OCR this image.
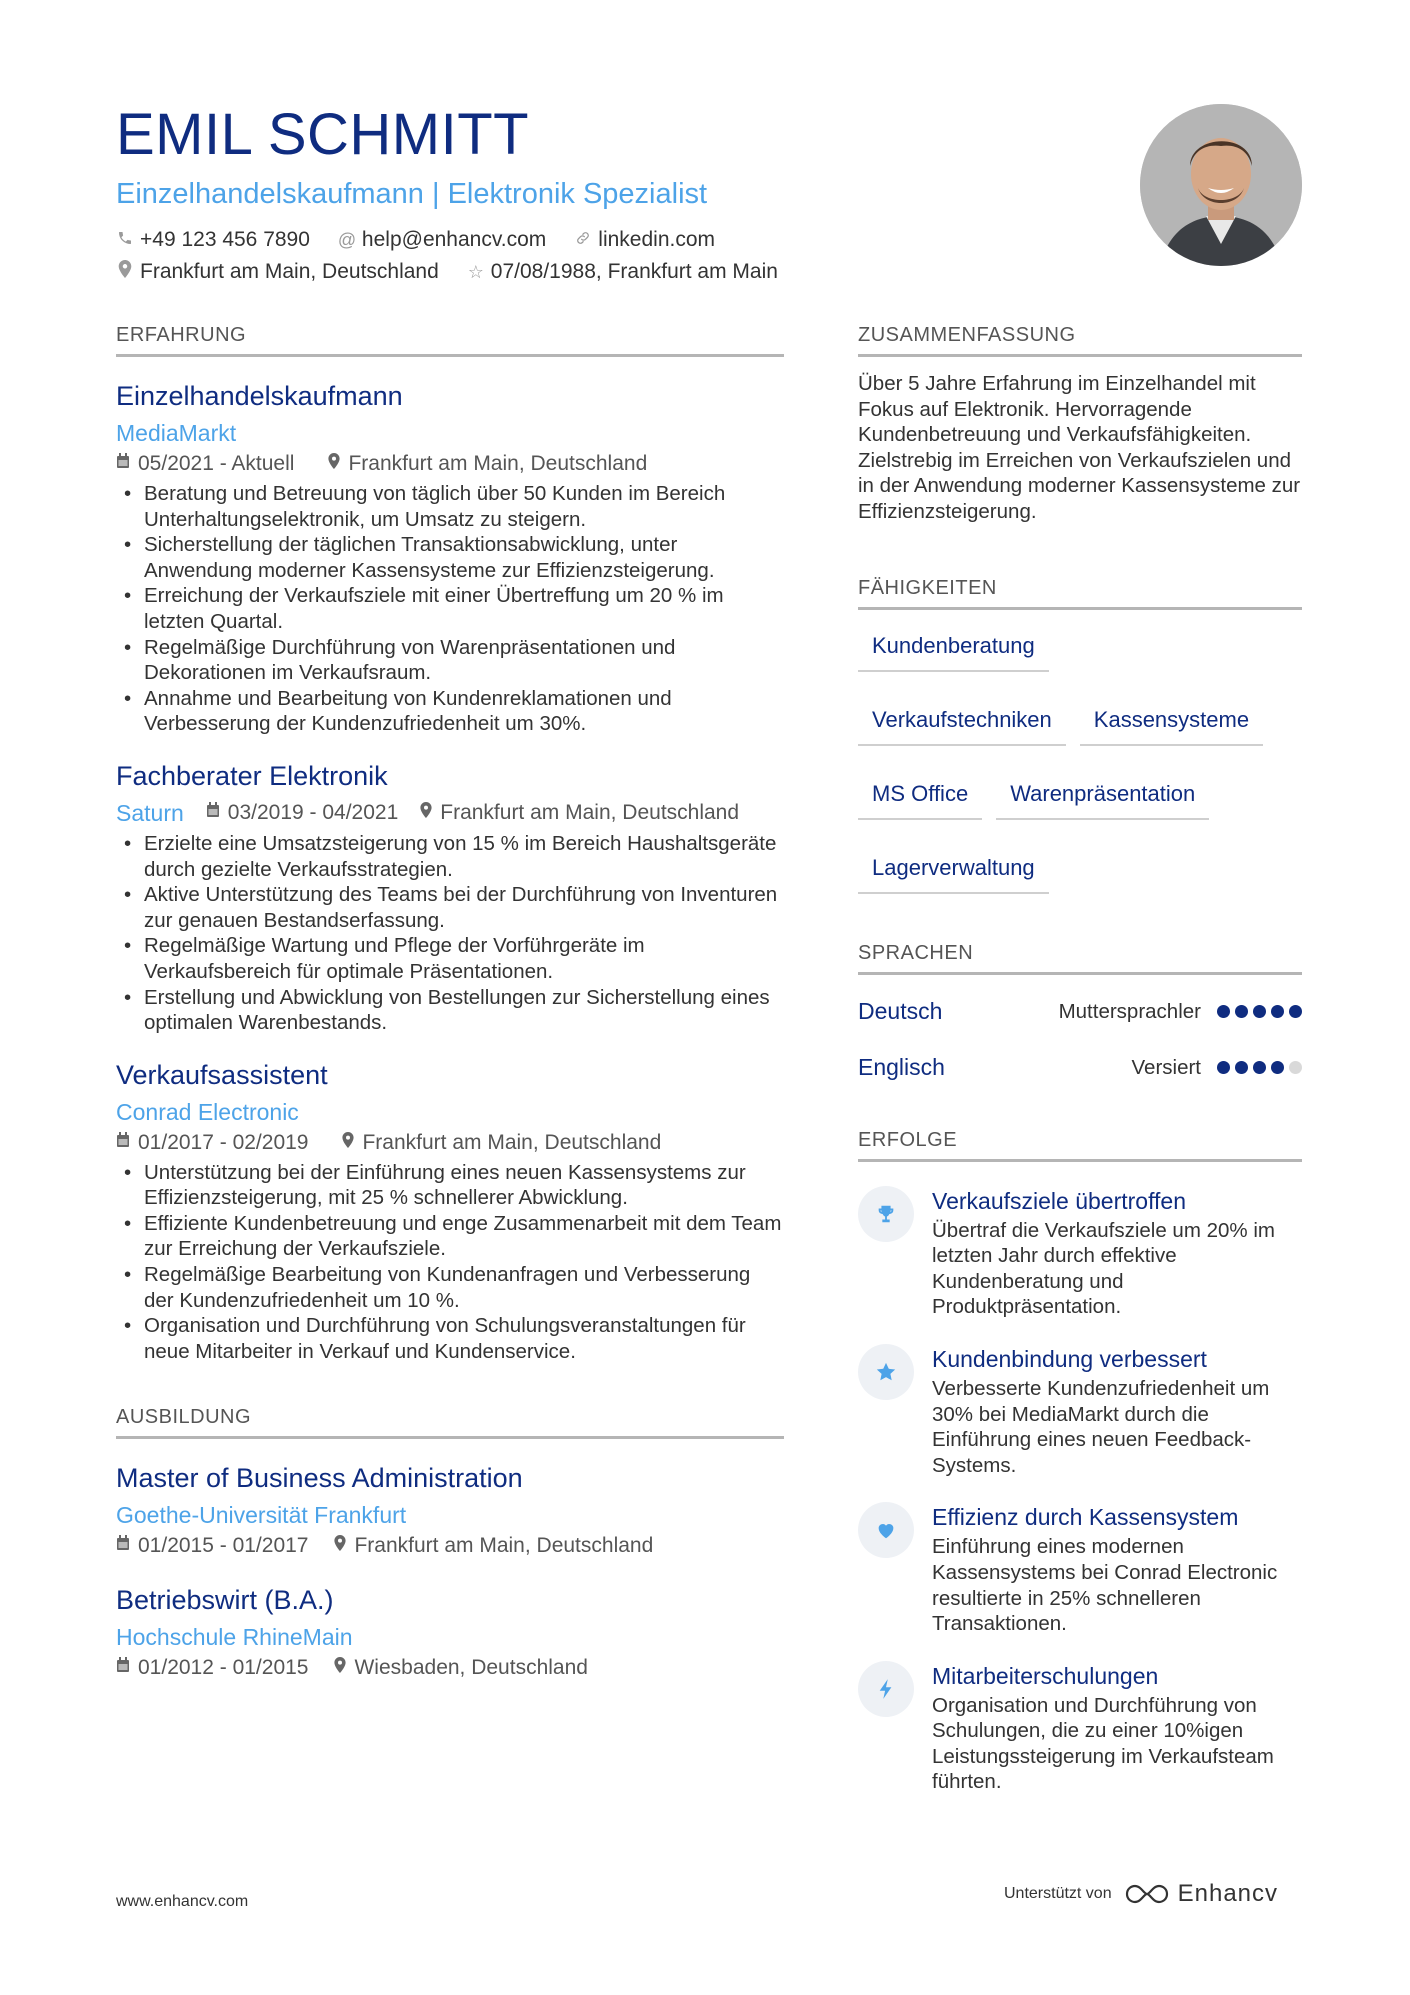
EMIL SCHMITT
Einzelhandelskaufmann | Elektronik Spezialist
+49 123 456 7890 @ help@enhancv.com linkedin.com
Frankfurt am Main, Deutschland ☆ 07/08/1988, Frankfurt am Main
ERFAHRUNG
Einzelhandelskaufmann
MediaMarkt
05/2021 - Aktuell	Frankfurt am Main, Deutschland
• Beratung und Betreuung von täglich über 50 Kunden im Bereich Unterhaltungselektronik, um Umsatz zu steigern.
• Sicherstellung der täglichen Transaktionsabwicklung, unter Anwendung moderner Kassensysteme zur Effizienzsteigerung.
• Erreichung der Verkaufsziele mit einer Übertreffung um 20 % im letzten Quartal.
• Regelmäßige Durchführung von Warenpräsentationen und Dekorationen im Verkaufsraum.
• Annahme und Bearbeitung von Kundenreklamationen und Verbesserung der Kundenzufriedenheit um 30%.
Fachberater Elektronik
Saturn 03/2019 - 04/2021 Frankfurt am Main, Deutschland
• Erzielte eine Umsatzsteigerung von 15 % im Bereich Haushaltsgeräte durch gezielte Verkaufsstrategien.
• Aktive Unterstützung des Teams bei der Durchführung von Inventuren zur genauen Bestandserfassung.
• Regelmäßige Wartung und Pflege der Vorführgeräte im Verkaufsbereich für optimale Präsentationen.
• Erstellung und Abwicklung von Bestellungen zur Sicherstellung eines optimalen Warenbestands.
Verkaufsassistent
Conrad Electronic
01/2017 - 02/2019	Frankfurt am Main, Deutschland
• Unterstützung bei der Einführung eines neuen Kassensystems zur Effizienzsteigerung, mit 25 % schnellerer Abwicklung.
• Effiziente Kundenbetreuung und enge Zusammenarbeit mit dem Team zur Erreichung der Verkaufsziele.
• Regelmäßige Bearbeitung von Kundenanfragen und Verbesserung der Kundenzufriedenheit um 10 %.
• Organisation und Durchführung von Schulungsveranstaltungen für neue Mitarbeiter in Verkauf und Kundenservice.
AUSBILDUNG
Master of Business Administration
Goethe-Universität Frankfurt
01/2015 - 01/2017 Frankfurt am Main, Deutschland
Betriebswirt (B.A.)
Hochschule RhineMain
01/2012 - 01/2015 Wiesbaden, Deutschland
ZUSAMMENFASSUNG
Über 5 Jahre Erfahrung im Einzelhandel mit Fokus auf Elektronik. Hervorragende Kundenbetreuung und Verkaufsfähigkeiten. Zielstrebig im Erreichen von Verkaufszielen und in der Anwendung moderner Kassensysteme zur Effizienzsteigerung.
FÄHIGKEITEN
Kundenberatung
Verkaufstechniken	Kassensysteme
MS Office	Warenpräsentation
Lagerverwaltung
SPRACHEN
Deutsch	Muttersprachler
Englisch	Versiert
ERFOLGE
Verkaufsziele übertroffen
Übertraf die Verkaufsziele um 20% im letzten Jahr durch effektive Kundenberatung und Produktpräsentation.
Kundenbindung verbessert
Verbesserte Kundenzufriedenheit um 30% bei MediaMarkt durch die Einführung eines neuen Feedback-Systems.
Effizienz durch Kassensystem
Einführung eines modernen Kassensystems bei Conrad Electronic resultierte in 25% schnelleren Transaktionen.
Mitarbeiterschulungen
Organisation und Durchführung von Schulungen, die zu einer 10%igen Leistungssteigerung im Verkaufsteam führten.
www.enhancv.com	Unterstützt von	Enhancv
